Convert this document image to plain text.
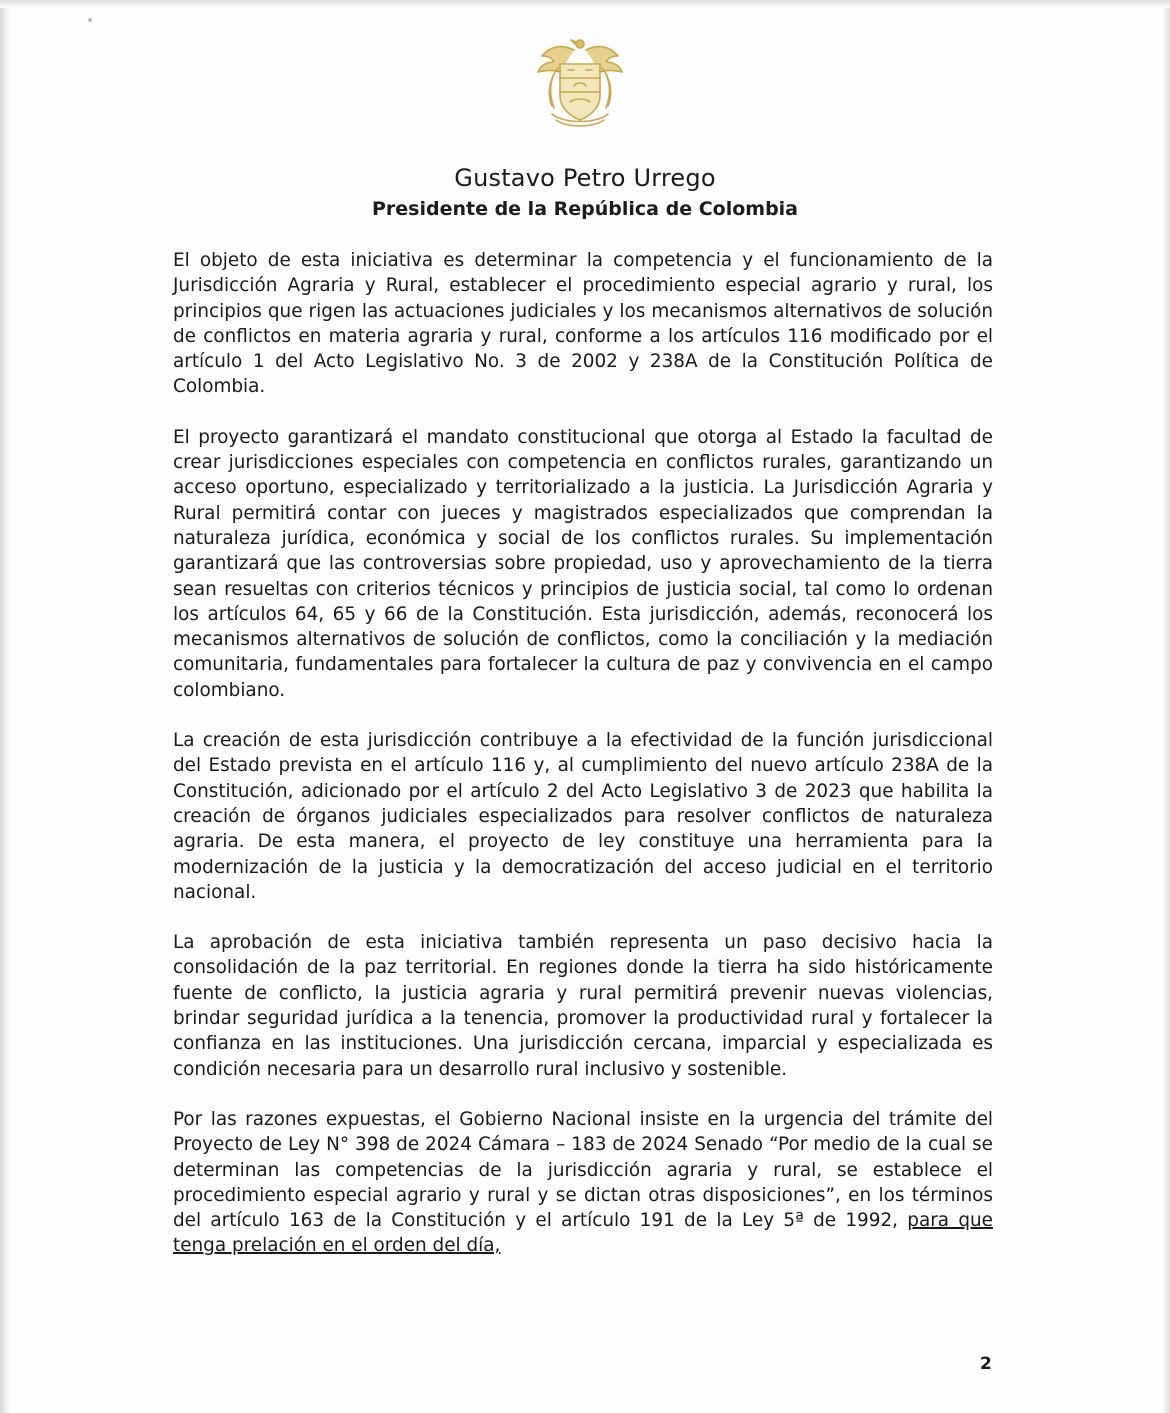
Gustavo Petro Urrego
Presidente de la República de Colombia

El objeto de esta iniciativa es determinar la competencia y el funcionamiento de la Jurisdicción Agraria y Rural, establecer el procedimiento especial agrario y rural, los principios que rigen las actuaciones judiciales y los mecanismos alternativos de solución de conflictos en materia agraria y rural, conforme a los artículos 116 modificado por el artículo 1 del Acto Legislativo No. 3 de 2002 y 238A de la Constitución Política de Colombia.

El proyecto garantizará el mandato constitucional que otorga al Estado la facultad de crear jurisdicciones especiales con competencia en conflictos rurales, garantizando un acceso oportuno, especializado y territorializado a la justicia. La Jurisdicción Agraria y Rural permitirá contar con jueces y magistrados especializados que comprendan la naturaleza jurídica, económica y social de los conflictos rurales. Su implementación garantizará que las controversias sobre propiedad, uso y aprovechamiento de la tierra sean resueltas con criterios técnicos y principios de justicia social, tal como lo ordenan los artículos 64, 65 y 66 de la Constitución. Esta jurisdicción, además, reconocerá los mecanismos alternativos de solución de conflictos, como la conciliación y la mediación comunitaria, fundamentales para fortalecer la cultura de paz y convivencia en el campo colombiano.

La creación de esta jurisdicción contribuye a la efectividad de la función jurisdiccional del Estado prevista en el artículo 116 y, al cumplimiento del nuevo artículo 238A de la Constitución, adicionado por el artículo 2 del Acto Legislativo 3 de 2023 que habilita la creación de órganos judiciales especializados para resolver conflictos de naturaleza agraria. De esta manera, el proyecto de ley constituye una herramienta para la modernización de la justicia y la democratización del acceso judicial en el territorio nacional.

La aprobación de esta iniciativa también representa un paso decisivo hacia la consolidación de la paz territorial. En regiones donde la tierra ha sido históricamente fuente de conflicto, la justicia agraria y rural permitirá prevenir nuevas violencias, brindar seguridad jurídica a la tenencia, promover la productividad rural y fortalecer la confianza en las instituciones. Una jurisdicción cercana, imparcial y especializada es condición necesaria para un desarrollo rural inclusivo y sostenible.

Por las razones expuestas, el Gobierno Nacional insiste en la urgencia del trámite del Proyecto de Ley N° 398 de 2024 Cámara – 183 de 2024 Senado “Por medio de la cual se determinan las competencias de la jurisdicción agraria y rural, se establece el procedimiento especial agrario y rural y se dictan otras disposiciones”, en los términos del artículo 163 de la Constitución y el artículo 191 de la Ley 5ª de 1992, para que tenga prelación en el orden del día,

2
